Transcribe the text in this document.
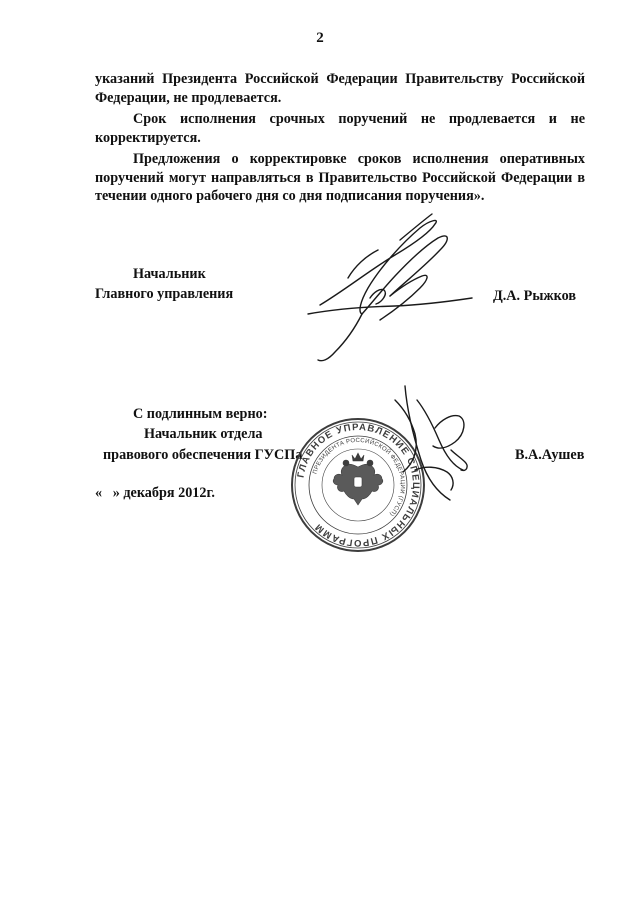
2
указаний Президента Российской Федерации Правительству Российской
Федерации, не продлевается.
Срок исполнения срочных поручений не продлевается и не
корректируется.
Предложения о корректировке сроков исполнения оперативных
поручений могут направляться в Правительство Российской Федерации в
течении одного рабочего дня со дня подписания поручения».
Начальник
Главного управления	Д.А. Рыжков
С подлинным верно:
Начальник отдела
правового обеспечения ГУСПа	В.А.Аушев
«   » декабря 2012г.
ГЛАВНОЕ УПРАВЛЕНИЕ СПЕЦИАЛЬНЫХ ПРОГРАММ
ПРЕЗИДЕНТА РОССИЙСКОЙ ФЕДЕРАЦИИ (ГУСП)
